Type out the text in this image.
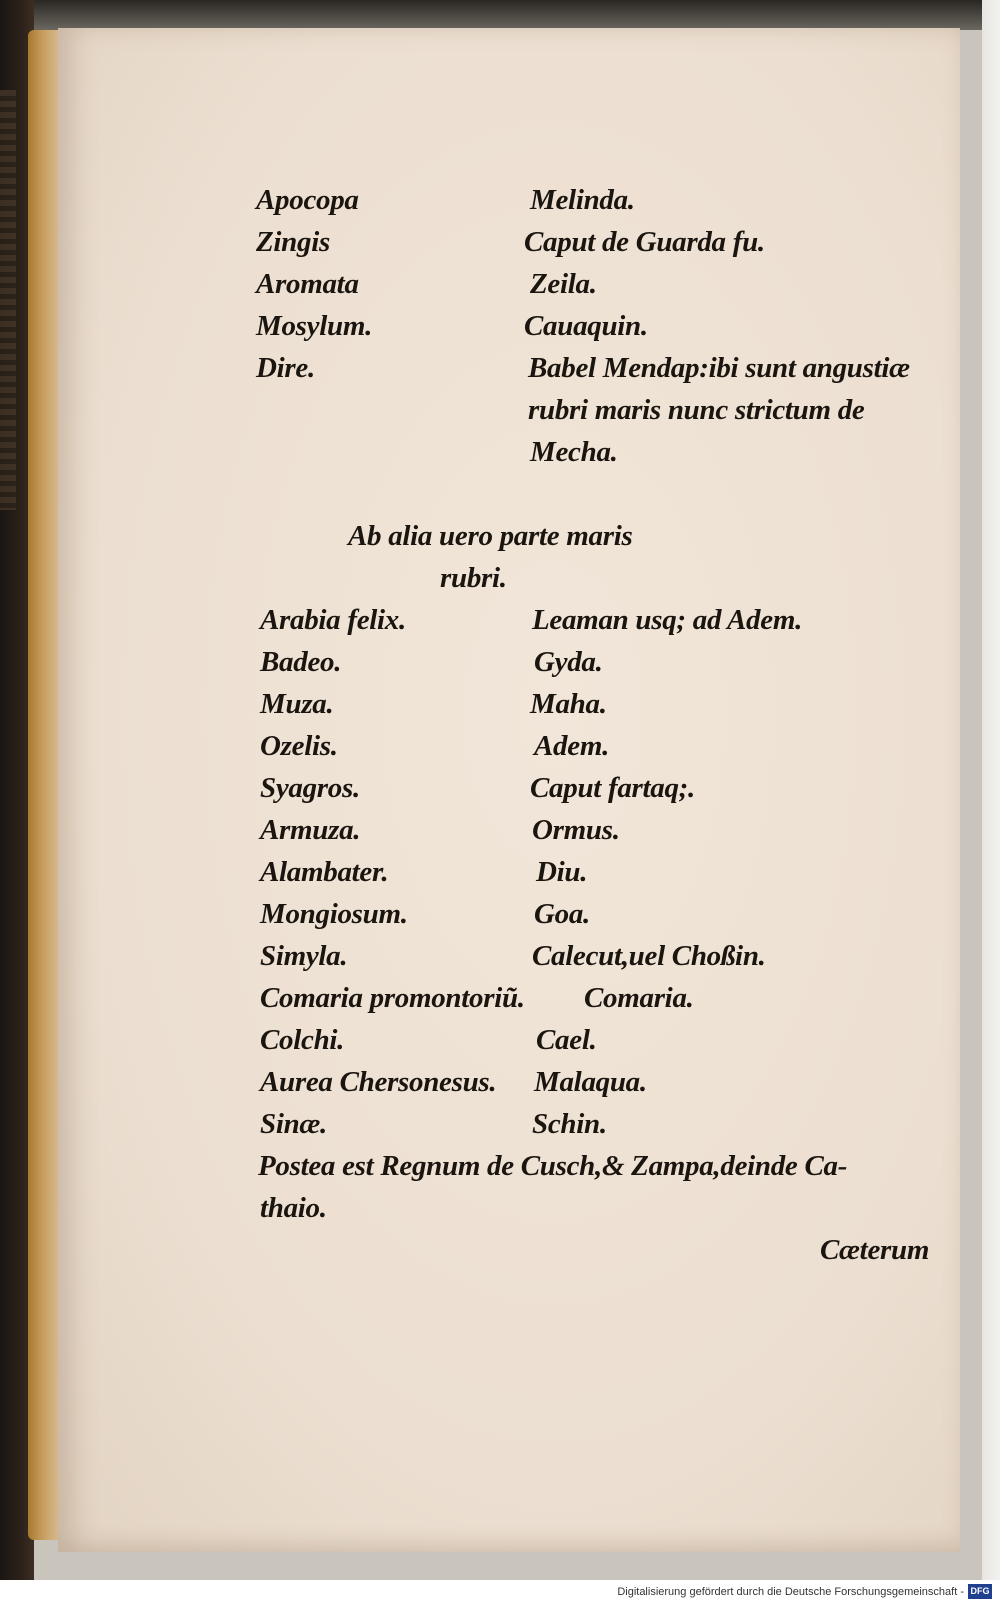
Apocopa	Melinda.
Zingis	Caput de Guarda fu.
Aromata	Zeila.
Mosylum.	Cauaquin.
Dire.	Babel Mendap:ibi sunt angustiæ
rubri maris nunc strictum de
Mecha.
Ab alia uero parte maris
rubri.
Arabia felix.	Leaman usq; ad Adem.
Badeo.	Gyda.
Muza.	Maha.
Ozelis.	Adem.
Syagros.	Caput fartaq;.
Armuza.	Ormus.
Alambater.	Diu.
Mongiosum.	Goa.
Simyla.	Calecut,uel Choßin.
Comaria promontoriũ. Comaria.
Colchi.	Cael.
Aurea Chersonesus. Malaqua.
Sinæ.	Schin.
Postea est Regnum de Cusch,& Zampa,deinde Ca-
thaio.
Cæterum
Digitalisierung gefördert durch die Deutsche Forschungsgemeinschaft - DFG
